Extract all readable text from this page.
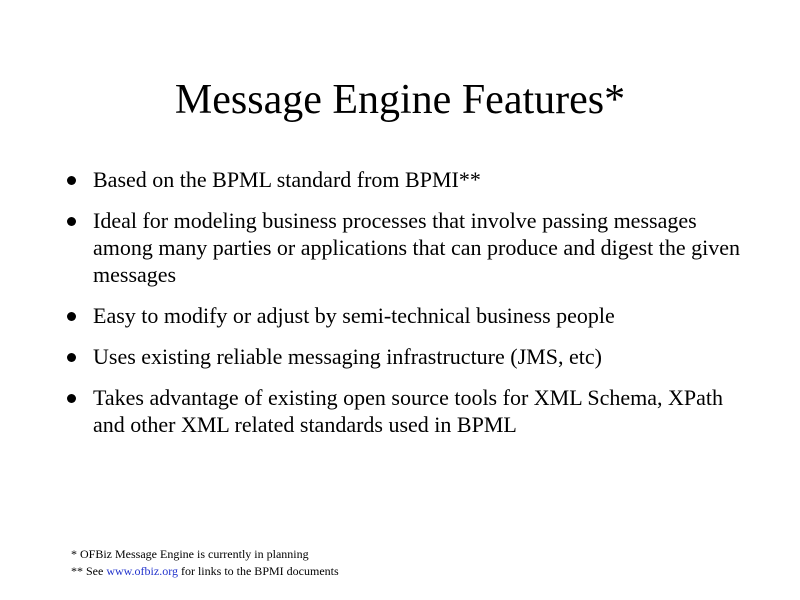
Message Engine Features*
Based on the BPML standard from BPMI**
Ideal for modeling business processes that involve passing messages among many parties or applications that can produce and digest the given messages
Easy to modify or adjust by semi-technical business people
Uses existing reliable messaging infrastructure (JMS, etc)
Takes advantage of existing open source tools for XML Schema, XPath and other XML related standards used in BPML
* OFBiz Message Engine is currently in planning
** See www.ofbiz.org for links to the BPMI documents
